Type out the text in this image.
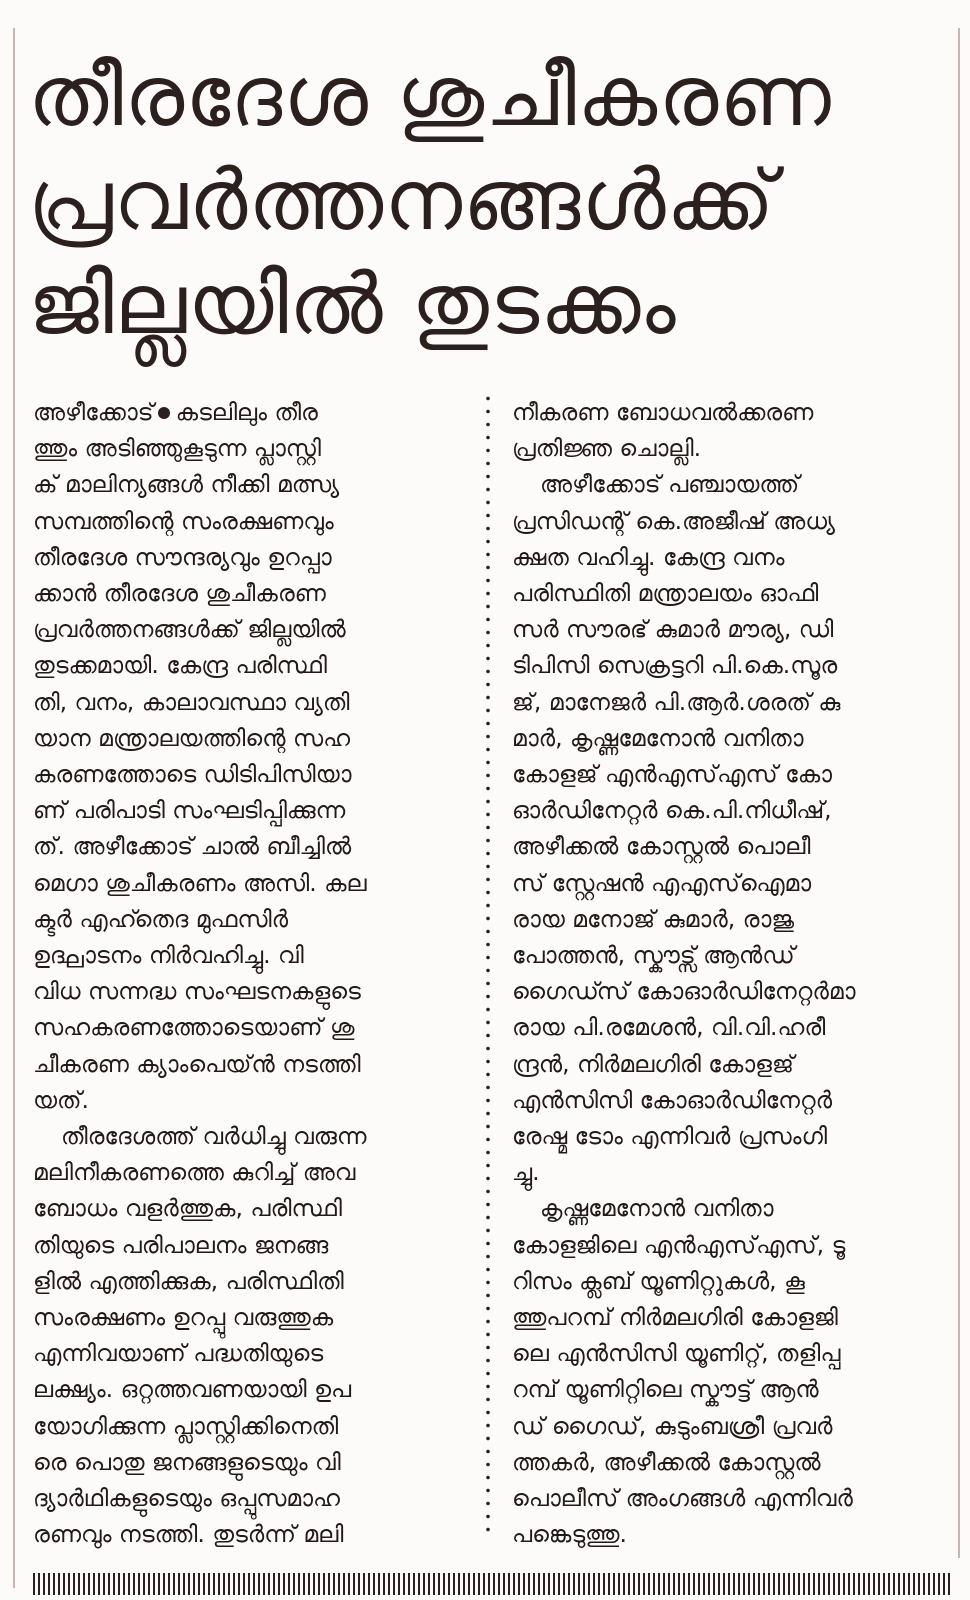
തീരദേശ ശുചീകരണ
പ്രവർത്തനങ്ങൾക്ക്
ജില്ലയിൽ തുടക്കം
അഴീക്കോട് കടലിലും തീര
ത്തും അടിഞ്ഞുകൂടുന്ന പ്ലാസ്റ്റി
ക് മാലിന്യങ്ങൾ നീക്കി മത്സ്യ
സമ്പത്തിന്റെ സംരക്ഷണവും
തീരദേശ സൗന്ദര്യവും ഉറപ്പാ
ക്കാൻ തീരദേശ ശുചീകരണ
പ്രവർത്തനങ്ങൾക്ക് ജില്ലയിൽ
തുടക്കമായി. കേന്ദ്ര പരിസ്ഥി
തി, വനം, കാലാവസ്ഥാ വ്യതി
യാന മന്ത്രാലയത്തിന്റെ സഹ
കരണത്തോടെ ഡിടിപിസിയാ
ണ് പരിപാടി സംഘടിപ്പിക്കുന്ന
ത്. അഴീക്കോട് ചാൽ ബീച്ചിൽ
മെഗാ ശുചീകരണം അസി. കല
ക്ടർ എഹ്തെദ മുഫസിർ
ഉദ്ഘാടനം നിർവഹിച്ചു. വി
വിധ സന്നദ്ധ സംഘടനകളുടെ
സഹകരണത്തോടെയാണ് ശു
ചീകരണ ക്യാംപെയ്ൻ നടത്തി
യത്.
തീരദേശത്ത് വർധിച്ചു വരുന്ന
മലിനീകരണത്തെ കുറിച്ച് അവ
ബോധം വളർത്തുക, പരിസ്ഥി
തിയുടെ പരിപാലനം ജനങ്ങ
ളിൽ എത്തിക്കുക, പരിസ്ഥിതി
സംരക്ഷണം ഉറപ്പു വരുത്തുക
എന്നിവയാണ് പദ്ധതിയുടെ
ലക്ഷ്യം. ഒറ്റത്തവണയായി ഉപ
യോഗിക്കുന്ന പ്ലാസ്റ്റിക്കിനെതി
രെ പൊതു ജനങ്ങളുടെയും വി
ദ്യാർഥികളുടെയും ഒപ്പുസമാഹ
രണവും നടത്തി. തുടർന്ന് മലി
നീകരണ ബോധവൽക്കരണ
പ്രതിജ്ഞ ചൊല്ലി.
അഴീക്കോട് പഞ്ചായത്ത്
പ്രസിഡന്റ് കെ.അജീഷ് അധ്യ
ക്ഷത വഹിച്ചു. കേന്ദ്ര വനം
പരിസ്ഥിതി മന്ത്രാലയം ഓഫി
സർ സൗരഭ് കുമാർ മൗര്യ, ഡി
ടിപിസി സെക്രട്ടറി പി.കെ.സൂര
ജ്, മാനേജർ പി.ആർ.ശരത് കു
മാർ, കൃഷ്ണമേനോൻ വനിതാ
കോളജ് എൻഎസ്എസ് കോ
ഓർഡിനേറ്റർ കെ.പി.നിധീഷ്,
അഴീക്കൽ കോസ്റ്റൽ പൊലീ
സ് സ്റ്റേഷൻ എഎസ്ഐമാ
രായ മനോജ് കുമാർ, രാജു
പോത്തൻ, സ്കൗട്സ് ആൻഡ്
ഗൈഡ്സ് കോഓർഡിനേറ്റർമാ
രായ പി.രമേശൻ, വി.വി.ഹരീ
ന്ദ്രൻ, നിർമലഗിരി കോളജ്
എൻസിസി കോഓർഡിനേറ്റർ
രേഷ്മ ടോം എന്നിവർ പ്രസംഗി
ച്ചു.
കൃഷ്ണമേനോൻ വനിതാ
കോളജിലെ എൻഎസ്എസ്, ടൂ
റിസം ക്ലബ് യൂണിറ്റുകൾ, കൂ
ത്തുപറമ്പ് നിർമലഗിരി കോളജി
ലെ എൻസിസി യൂണിറ്റ്, തളിപ്പ
റമ്പ് യൂണിറ്റിലെ സ്കൗട്ട് ആൻ
ഡ് ഗൈഡ്, കുടുംബശ്രീ പ്രവർ
ത്തകർ, അഴീക്കൽ കോസ്റ്റൽ
പൊലീസ് അംഗങ്ങൾ എന്നിവർ
പങ്കെടുത്തു.
